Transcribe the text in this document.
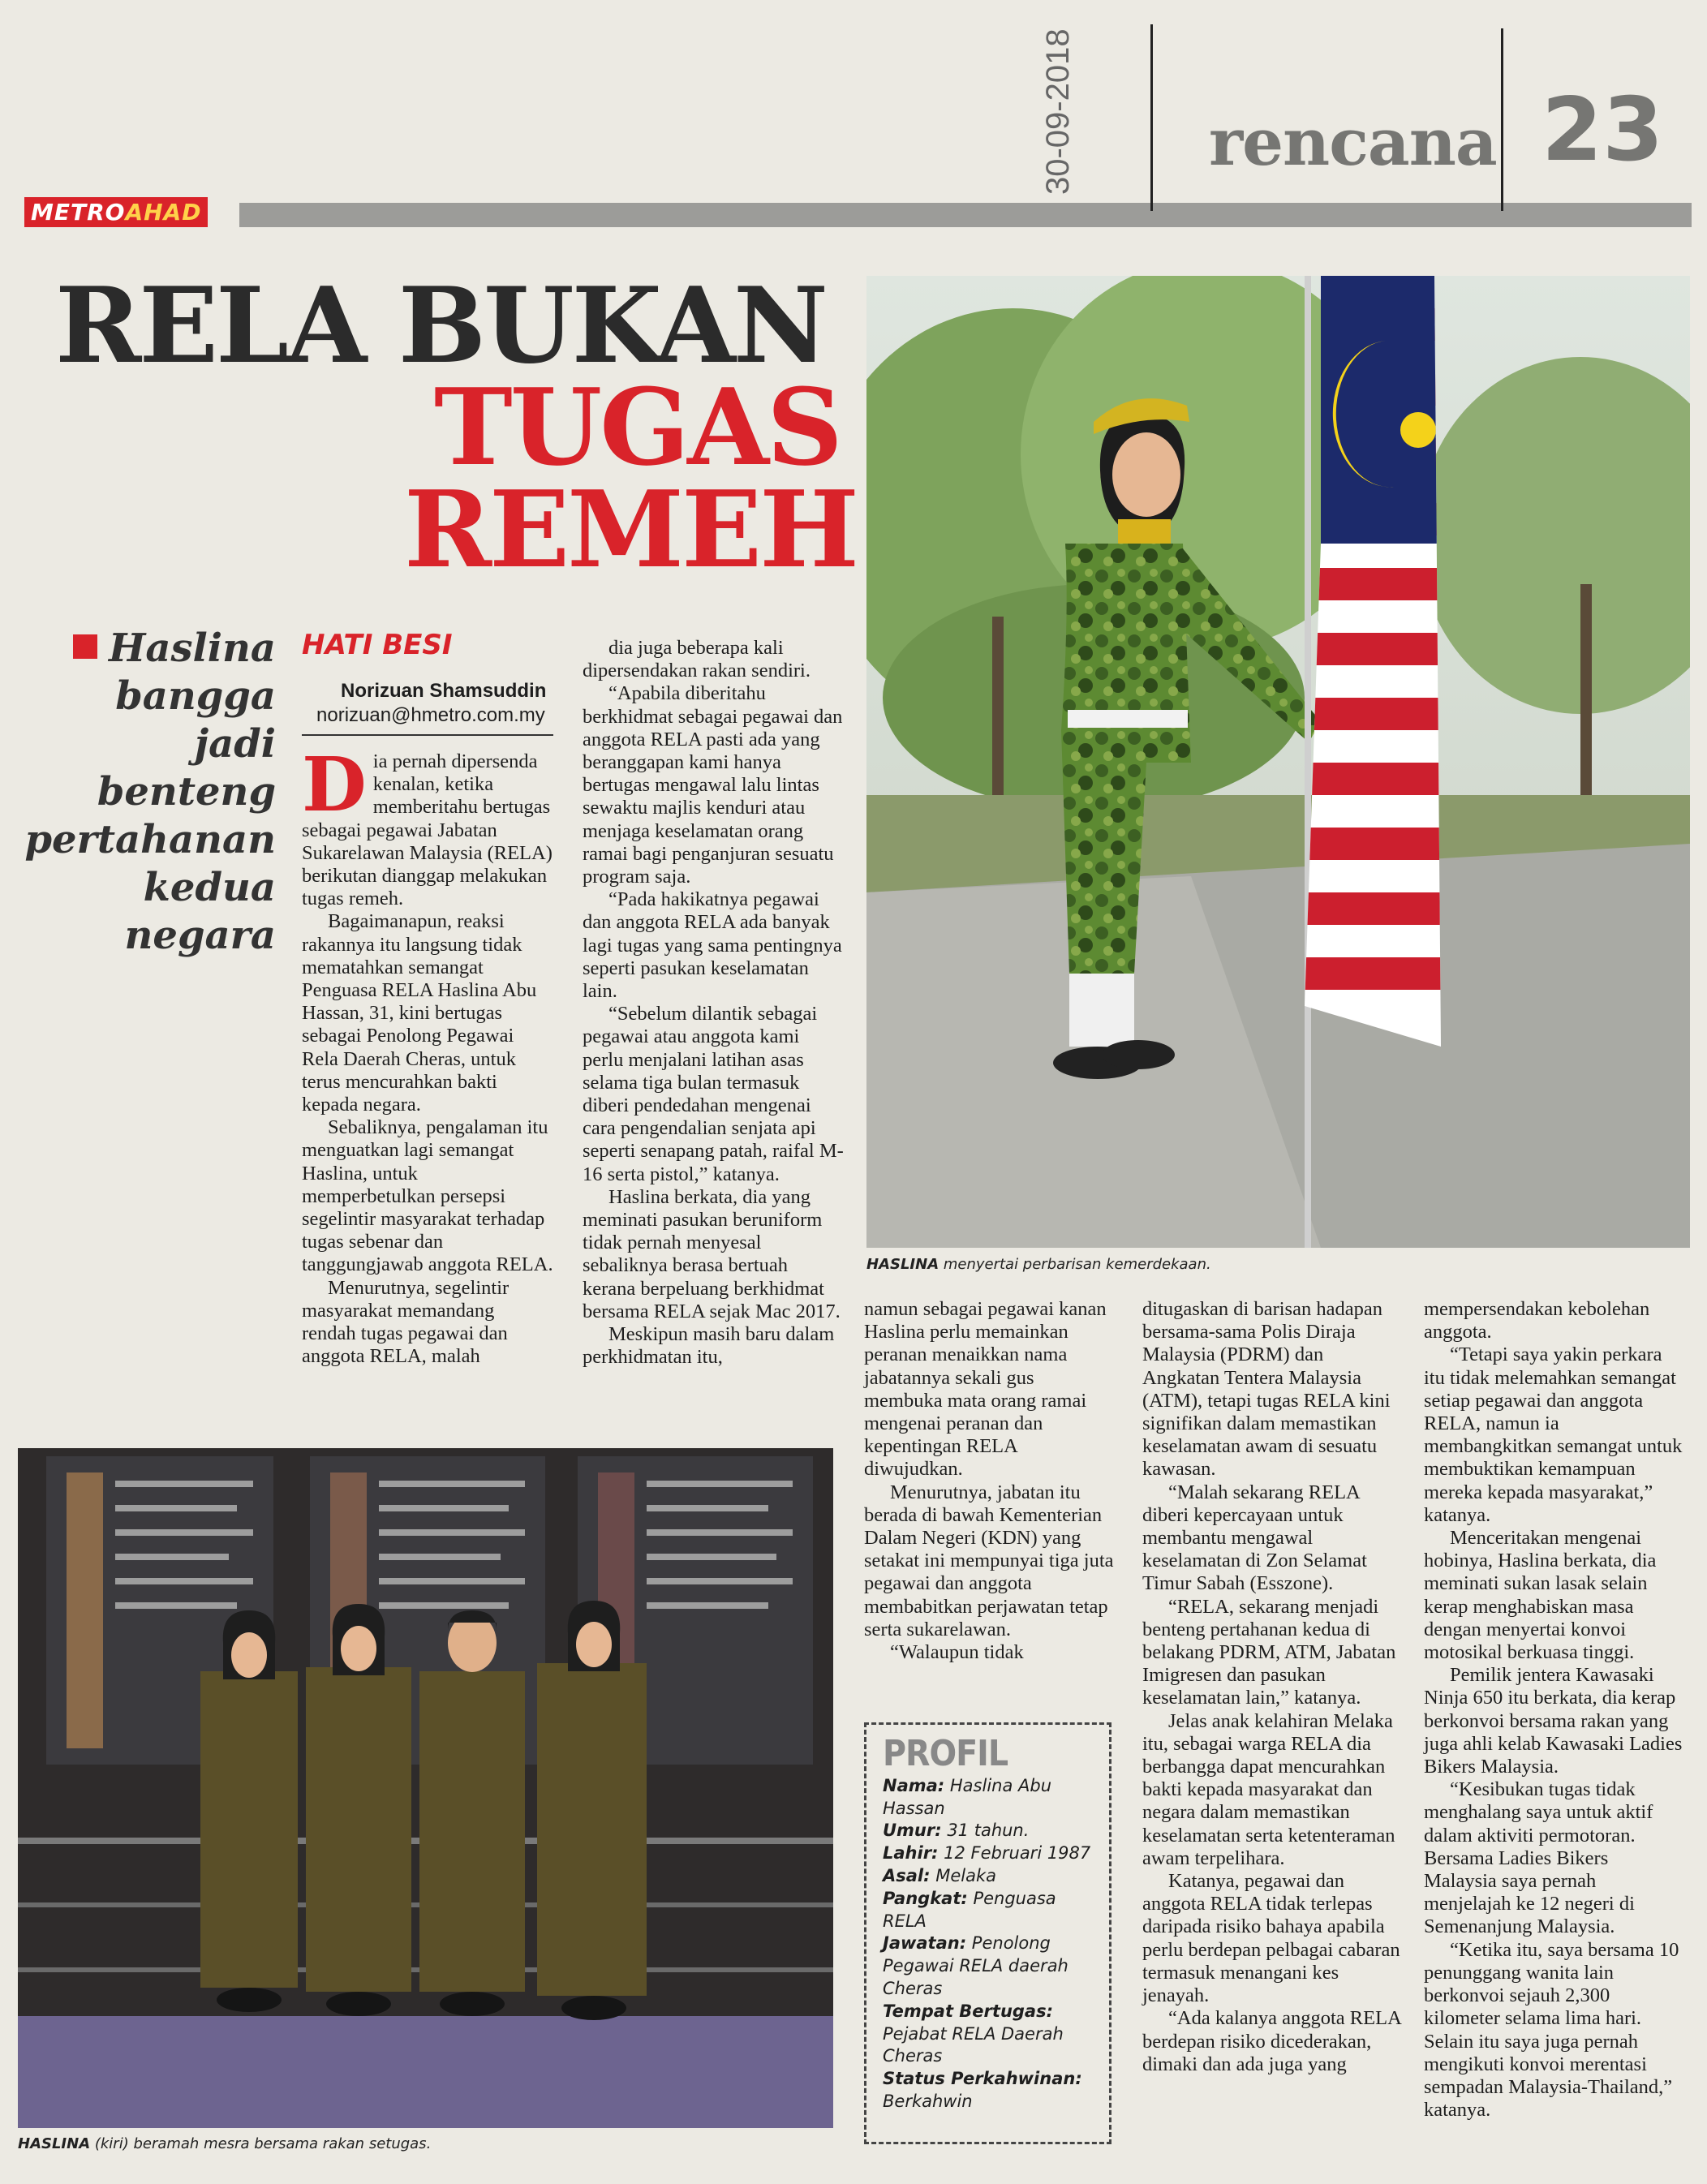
METROAHAD
30-09-2018 rencana 23
RELA BUKAN
TUGAS
REMEH
Haslina
bangga jadi
benteng
pertahanan
kedua negara
HATI BESI
Norizuan Shamsuddin
norizuan@hmetro.com.my

Dia pernah dipersenda kenalan, ketika memberitahu bertugas sebagai pegawai Jabatan Sukarelawan Malaysia (RELA) berikutan dianggap melakukan tugas remeh.

Bagaimanapun, reaksi rakannya itu langsung tidak mematahkan semangat Penguasa RELA Haslina Abu Hassan, 31, kini bertugas sebagai Penolong Pegawai Rela Daerah Cheras, untuk terus mencurahkan bakti kepada negara.

Sebaliknya, pengalaman itu menguatkan lagi semangat Haslina, untuk memperbetulkan persepsi segelintir masyarakat terhadap tugas sebenar dan tanggungjawab anggota RELA.

Menurutnya, segelintir masyarakat memandang rendah tugas pegawai dan anggota RELA, malah

dia juga beberapa kali dipersendakan rakan sendiri.

“Apabila diberitahu berkhidmat sebagai pegawai dan anggota RELA pasti ada yang beranggapan kami hanya bertugas mengawal lalu lintas sewaktu majlis kenduri atau menjaga keselamatan orang ramai bagi penganjuran sesuatu program saja.

“Pada hakikatnya pegawai dan anggota RELA ada banyak lagi tugas yang sama pentingnya seperti pasukan keselamatan lain.

“Sebelum dilantik sebagai pegawai atau anggota kami perlu menjalani latihan asas selama tiga bulan termasuk diberi pendedahan mengenai cara pengendalian senjata api seperti senapang patah, raifal M-16 serta pistol,” katanya.

Haslina berkata, dia yang meminati pasukan beruniform tidak pernah menyesal sebaliknya berasa bertuah kerana berpeluang berkhidmat bersama RELA sejak Mac 2017.

Meskipun masih baru dalam perkhidmatan itu,

HASLINA menyertai perbarisan kemerdekaan.

namun sebagai pegawai kanan Haslina perlu memainkan peranan menaikkan nama jabatannya sekali gus membuka mata orang ramai mengenai peranan dan kepentingan RELA diwujudkan.

Menurutnya, jabatan itu berada di bawah Kementerian Dalam Negeri (KDN) yang setakat ini mempunyai tiga juta pegawai dan anggota membabitkan perjawatan tetap serta sukarelawan.

“Walaupun tidak

PROFIL
Nama: Haslina Abu Hassan
Umur: 31 tahun.
Lahir: 12 Februari 1987
Asal: Melaka
Pangkat: Penguasa RELA
Jawatan: Penolong Pegawai RELA daerah Cheras
Tempat Bertugas: Pejabat RELA Daerah Cheras
Status Perkahwinan: Berkahwin

ditugaskan di barisan hadapan bersama-sama Polis Diraja Malaysia (PDRM) dan Angkatan Tentera Malaysia (ATM), tetapi tugas RELA kini signifikan dalam memastikan keselamatan awam di sesuatu kawasan.

“Malah sekarang RELA diberi kepercayaan untuk membantu mengawal keselamatan di Zon Selamat Timur Sabah (Esszone).

“RELA, sekarang menjadi benteng pertahanan kedua di belakang PDRM, ATM, Jabatan Imigresen dan pasukan keselamatan lain,” katanya.

Jelas anak kelahiran Melaka itu, sebagai warga RELA dia berbangga dapat mencurahkan bakti kepada masyarakat dan negara dalam memastikan keselamatan serta ketenteraman awam terpelihara.

Katanya, pegawai dan anggota RELA tidak terlepas daripada risiko bahaya apabila perlu berdepan pelbagai cabaran termasuk menangani kes jenayah.

“Ada kalanya anggota RELA berdepan risiko dicederakan, dimaki dan ada juga yang

mempersendakan kebolehan anggota.

“Tetapi saya yakin perkara itu tidak melemahkan semangat setiap pegawai dan anggota RELA, namun ia membangkitkan semangat untuk membuktikan kemampuan mereka kepada masyarakat,” katanya.

Menceritakan mengenai hobinya, Haslina berkata, dia meminati sukan lasak selain kerap menghabiskan masa dengan menyertai konvoi motosikal berkuasa tinggi.

Pemilik jentera Kawasaki Ninja 650 itu berkata, dia kerap berkonvoi bersama rakan yang juga ahli kelab Kawasaki Ladies Bikers Malaysia.

“Kesibukan tugas tidak menghalang saya untuk aktif dalam aktiviti permotoran. Bersama Ladies Bikers Malaysia saya pernah menjelajah ke 12 negeri di Semenanjung Malaysia.

“Ketika itu, saya bersama 10 penunggang wanita lain berkonvoi sejauh 2,300 kilometer selama lima hari. Selain itu saya juga pernah mengikuti konvoi merentasi sempadan Malaysia-Thailand,” katanya.

HASLINA (kiri) beramah mesra bersama rakan setugas.
